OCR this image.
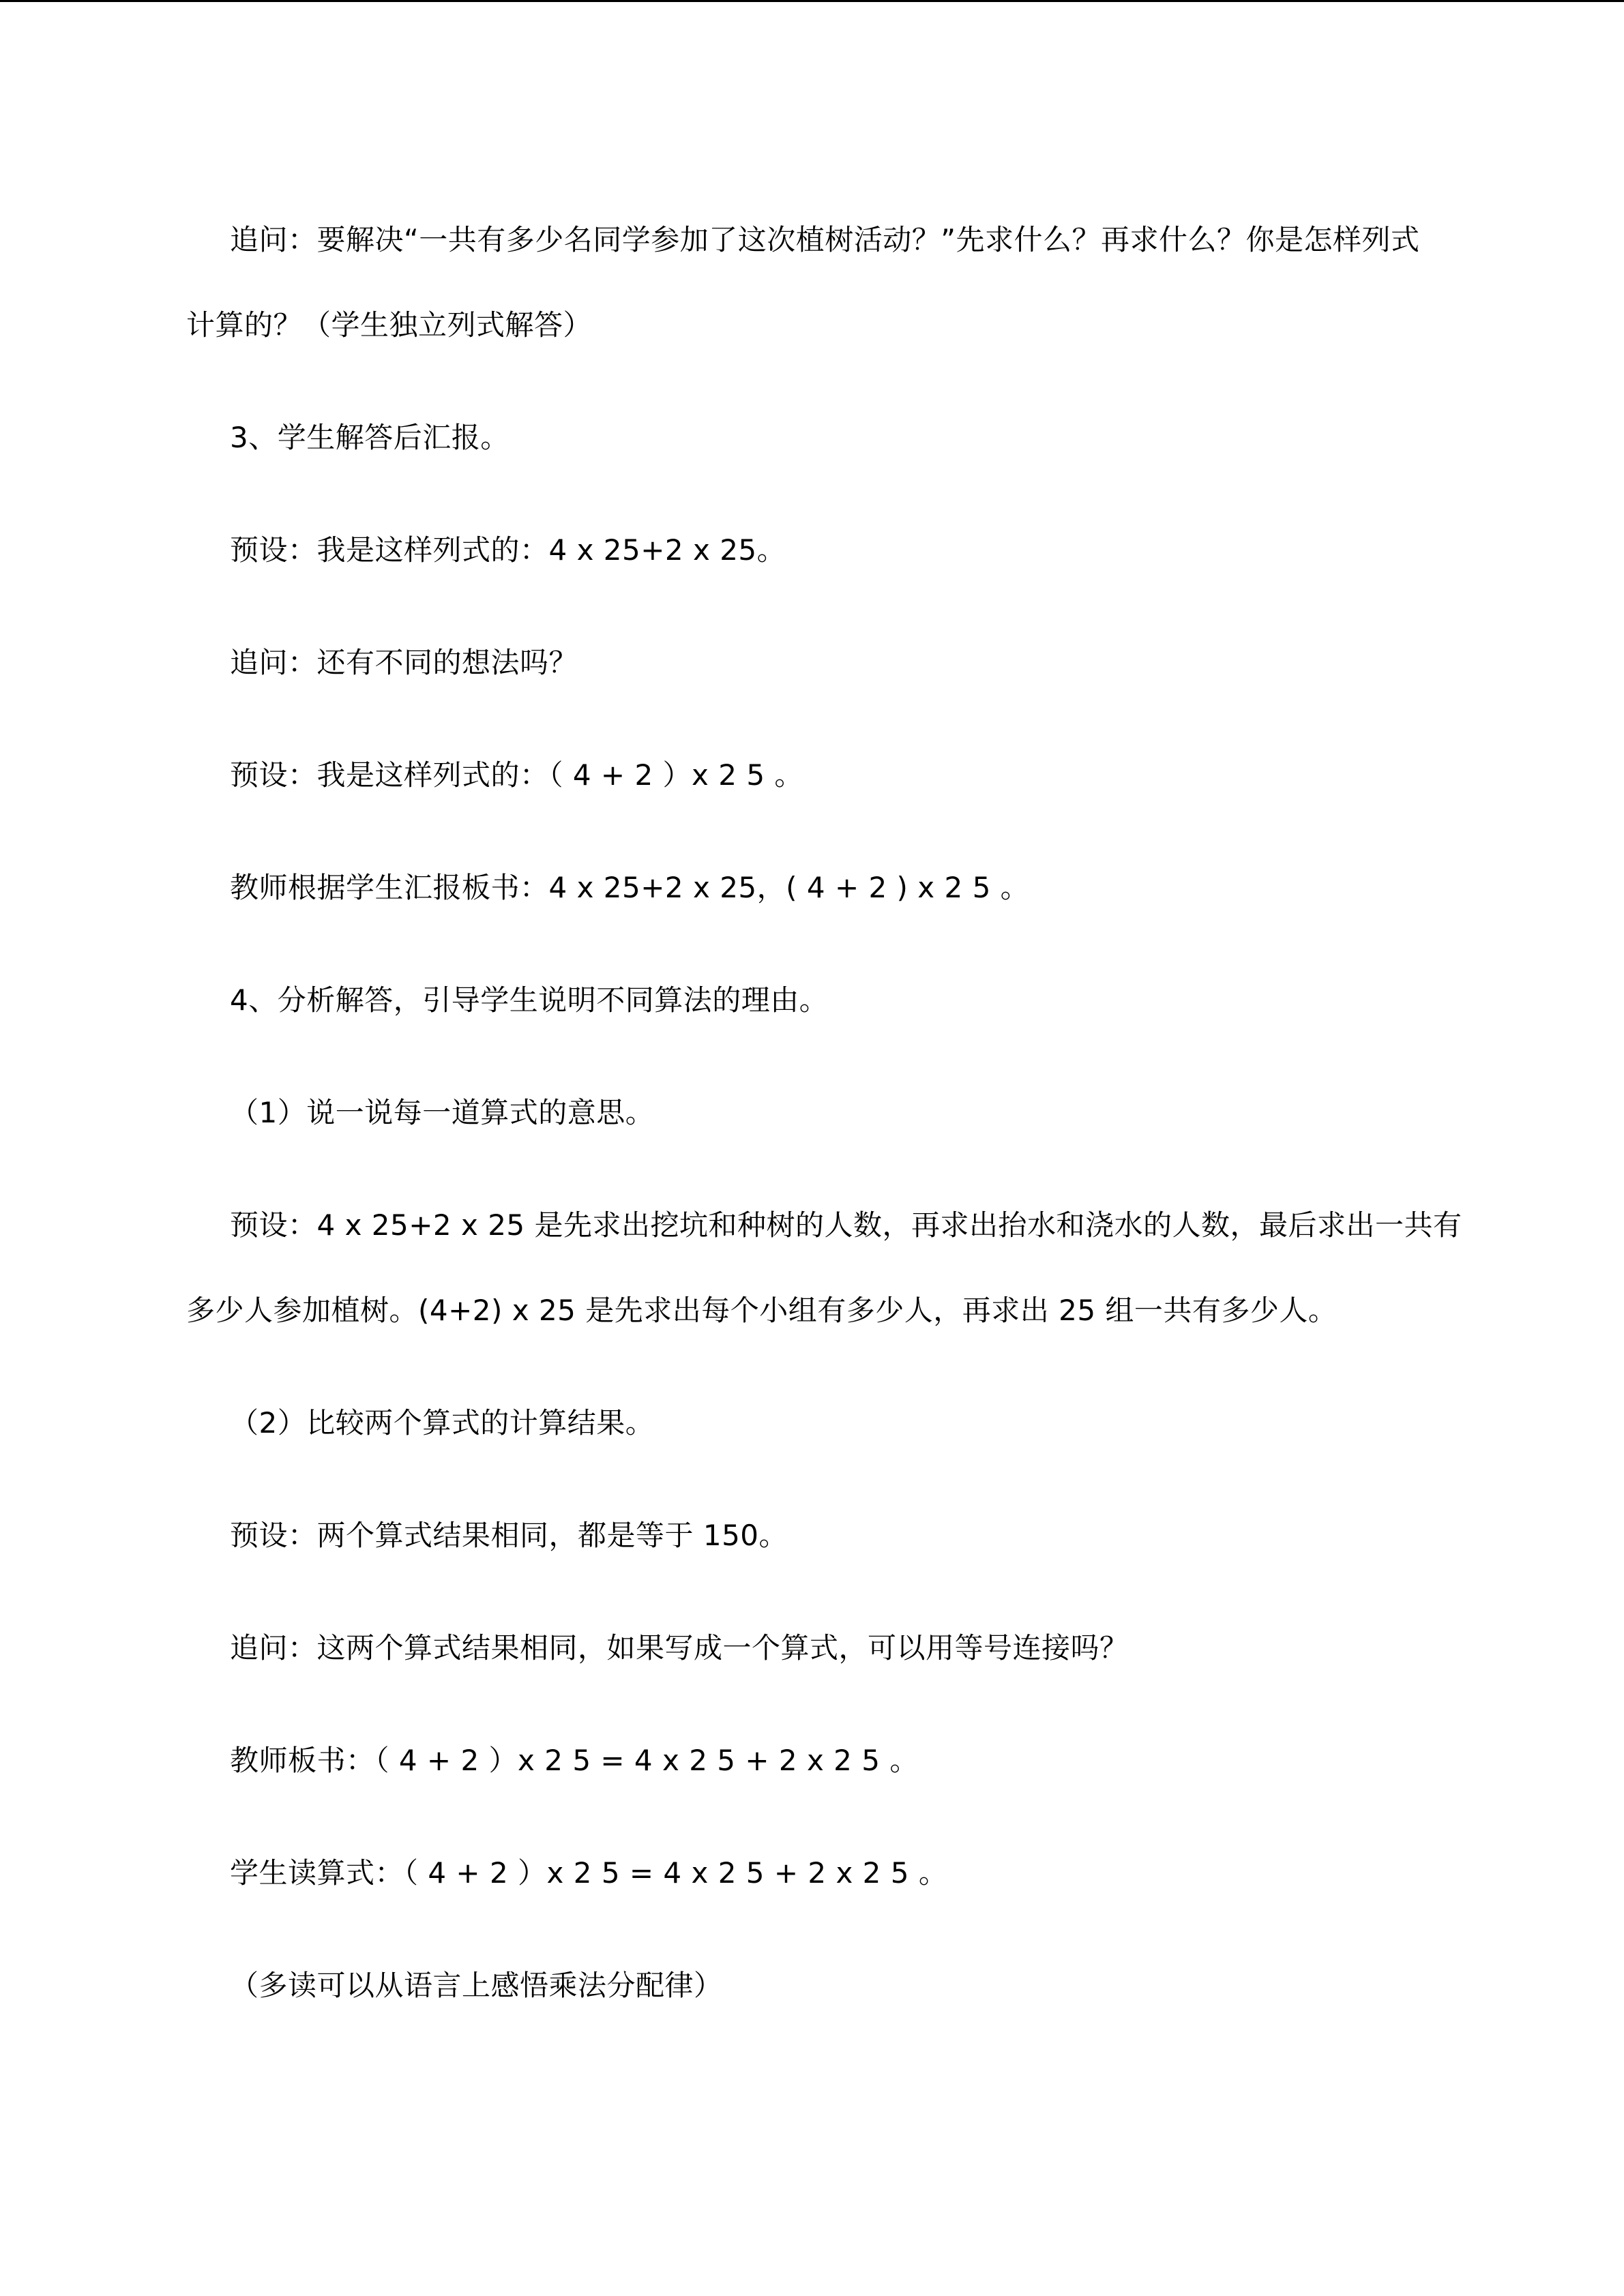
追问：要解决“一共有多少名同学参加了这次植树活动？”先求什么？再求什么？你是怎样列式
计算的？（学生独立列式解答）
3、学生解答后汇报。
预设：我是这样列式的：4 x 25+2 x 25。
追问：还有不同的想法吗？
预设：我是这样列式的：（ 4 + 2 ）x 2 5 。
教师根据学生汇报板书：4 x 25+2 x 25，( 4 + 2 ) x 2 5 。
4、分析解答，引导学生说明不同算法的理由。
（1）说一说每一道算式的意思。
预设：4 x 25+2 x 25 是先求出挖坑和种树的人数，再求出抬水和浇水的人数，最后求出一共有
多少人参加植树。(4+2) x 25 是先求出每个小组有多少人，再求出 25 组一共有多少人。
（2）比较两个算式的计算结果。
预设：两个算式结果相同，都是等于 150。
追问：这两个算式结果相同，如果写成一个算式，可以用等号连接吗？
教师板书：（ 4 + 2 ）x 2 5 = 4 x 2 5 + 2 x 2 5 。
学生读算式：（ 4 + 2 ）x 2 5 = 4 x 2 5 + 2 x 2 5 。
（多读可以从语言上感悟乘法分配律）
